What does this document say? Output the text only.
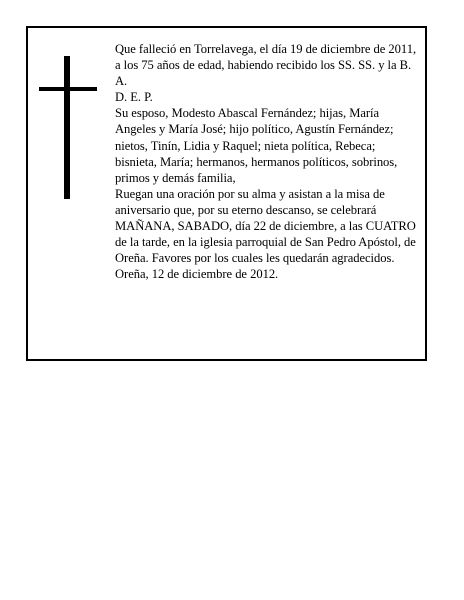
Que falleció en Torrelavega, el día 19 de diciembre de 2011, a los 75 años de edad, habiendo recibido los SS. SS. y la B. A.

D. E. P.

Su esposo, Modesto Abascal Fernández; hijas, María Angeles y María José; hijo político, Agustín Fernández; nietos, Tinín, Lidia y Raquel; nieta política, Rebeca; bisnieta, María; hermanos, hermanos políticos, sobrinos, primos y demás familia,

Ruegan una oración por su alma y asistan a la misa de aniversario que, por su eterno descanso, se celebrará MAÑANA, SABADO, día 22 de diciembre, a las CUATRO de la tarde, en la iglesia parroquial de San Pedro Apóstol, de Oreña. Favores por los cuales les quedarán agradecidos.

Oreña, 12 de diciembre de 2012.
